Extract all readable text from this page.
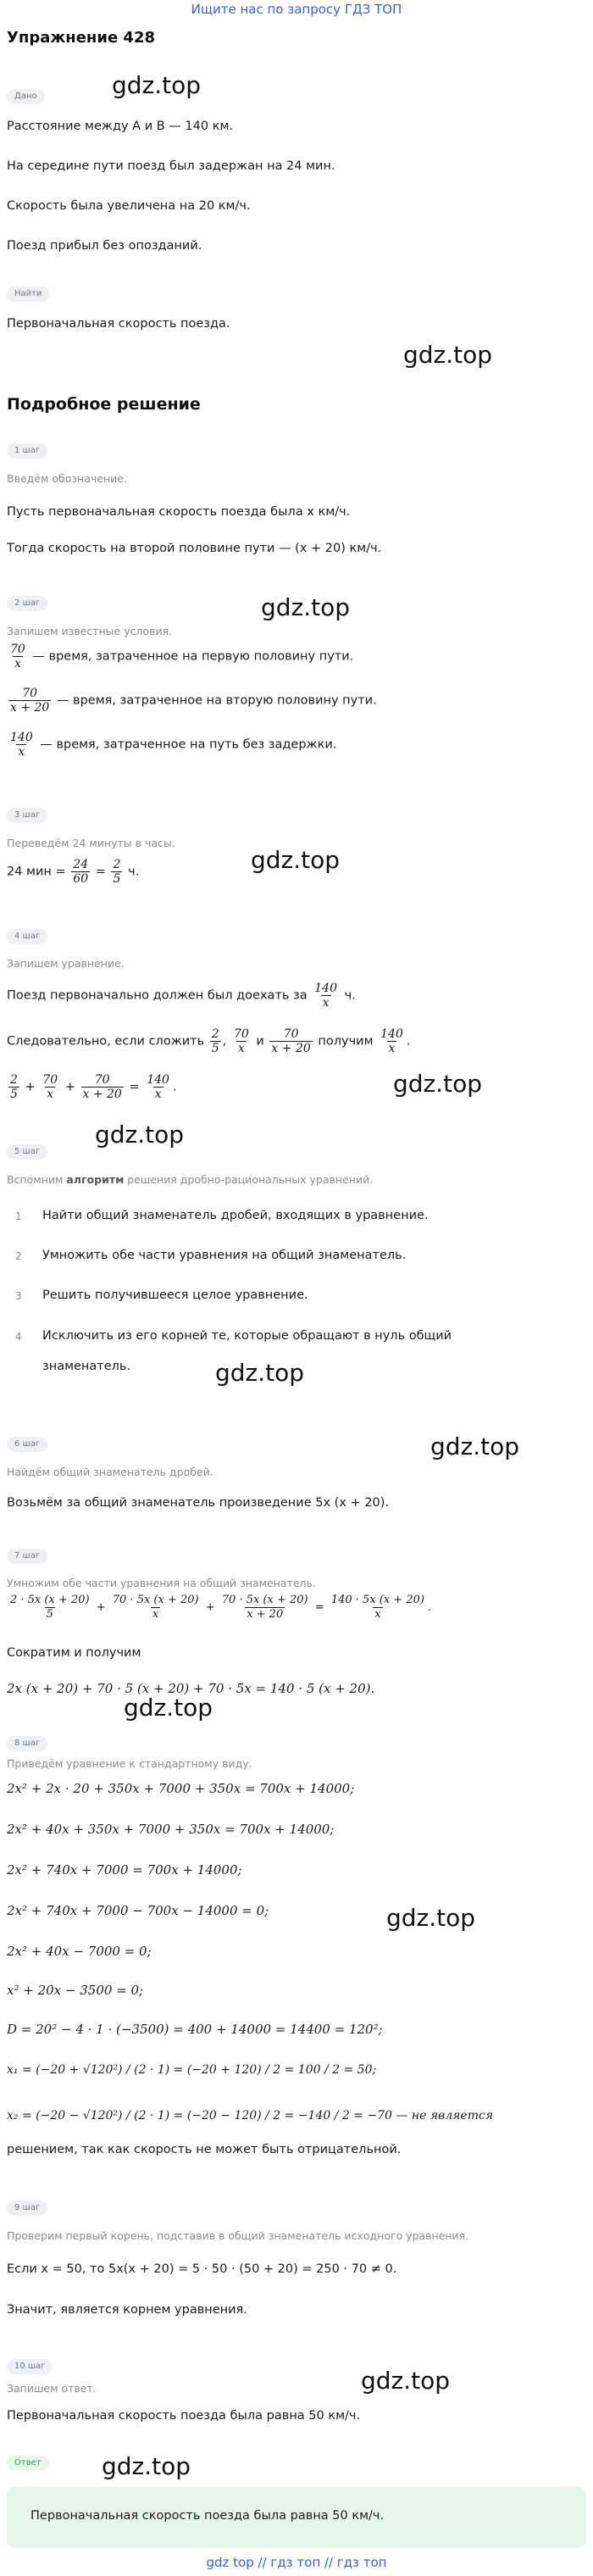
Ищите нас по запросу ГДЗ ТОП
Упражнение 428
gdz.top
gdz.top
gdz.top
gdz.top
gdz.top
gdz.top
gdz.top
gdz.top
gdz.top
gdz.top
gdz.top
gdz.top
Дано
Расстояние между A и B — 140 км.
На середине пути поезд был задержан на 24 мин.
Скорость была увеличена на 20 км/ч.
Поезд прибыл без опозданий.
Найти
Первоначальная скорость поезда.
Подробное решение
1 шаг
Введём обозначение.
Пусть первоначальная скорость поезда была x км/ч.
Тогда скорость на второй половине пути — (x + 20) км/ч.
2 шаг
Запишем известные условия.
$\frac{70}{x}$ — время, затраченное на первую половину пути.
$\frac{70}{x + 20}$ — время, затраченное на вторую половину пути.
$\frac{140}{x}$ — время, затраченное на путь без задержки.
3 шаг
Переведём 24 минуты в часы.
24 мин = $\frac{24}{60} = \frac{2}{5} ч$.
4 шаг
Запишем уравнение.
Поезд первоначально должен был доехать за $\frac{140}{x} ч$.
Следовательно, если сложить $\frac{2}{5}$ , $\frac{70}{x}$ и $\frac{70}{x + 20}$ получим $\frac{140}{x}$ .
$\frac{2}{5} + \frac{70}{x} + \frac{70}{x + 20} = \frac{140}{x}$ .
5 шаг
Вспомним алгоритм решения дробно-рациональных уравнений.
1 Найти общий знаменатель дробей, входящих в уравнение.
2 Умножить обе части уравнения на общий знаменатель.
3 Решить получившееся целое уравнение.
4 Исключить из его корней те, которые обращают в нуль общий
знаменатель.
6 шаг
Найдём общий знаменатель дробей.
Возьмём за общий знаменатель произведение 5x (x + 20).
7 шаг
Умножим обе части уравнения на общий знаменатель.
$\frac{2 \cdot 5x (x + 20)}{5} + \frac{70 \cdot 5x (x + 20)}{x} + \frac{70 \cdot 5x (x + 20)}{x + 20} = \frac{140 \cdot 5x (x + 20)}{x}$ .
Сократим и получим
2x (x + 20) + 70 · 5 (x + 20) + 70 · 5x = 140 · 5 (x + 20).
8 шаг
Приведём уравнение к стандартному виду.
2x² + 2x · 20 + 350x + 7000 + 350x = 700x + 14000;
2x² + 40x + 350x + 7000 + 350x = 700x + 14000;
2x² + 740x + 7000 = 700x + 14000;
2x² + 740x + 7000 − 700x − 14000 = 0;
2x² + 40x − 7000 = 0;
x² + 20x − 3500 = 0;
D = 20² − 4 · 1 · (−3500) = 400 + 14000 = 14400 = 120²;
x₁ = (−20 + √120²) / (2 · 1) = (−20 + 120) / 2 = 100 / 2 = 50;
x₂ = (−20 − √120²) / (2 · 1) = (−20 − 120) / 2 = −140 / 2 = −70 — не является
решением, так как скорость не может быть отрицательной.
9 шаг
Проверим первый корень, подставив в общий знаменатель исходного уравнения.
Если x = 50, то 5x(x + 20) = 5 · 50 · (50 + 20) = 250 · 70 ≠ 0.
Значит, является корнем уравнения.
10 шаг
Запишем ответ.
Первоначальная скорость поезда была равна 50 км/ч.
Ответ
Первоначальная скорость поезда была равна 50 км/ч.
gdz top // гдз топ // гдз топ
